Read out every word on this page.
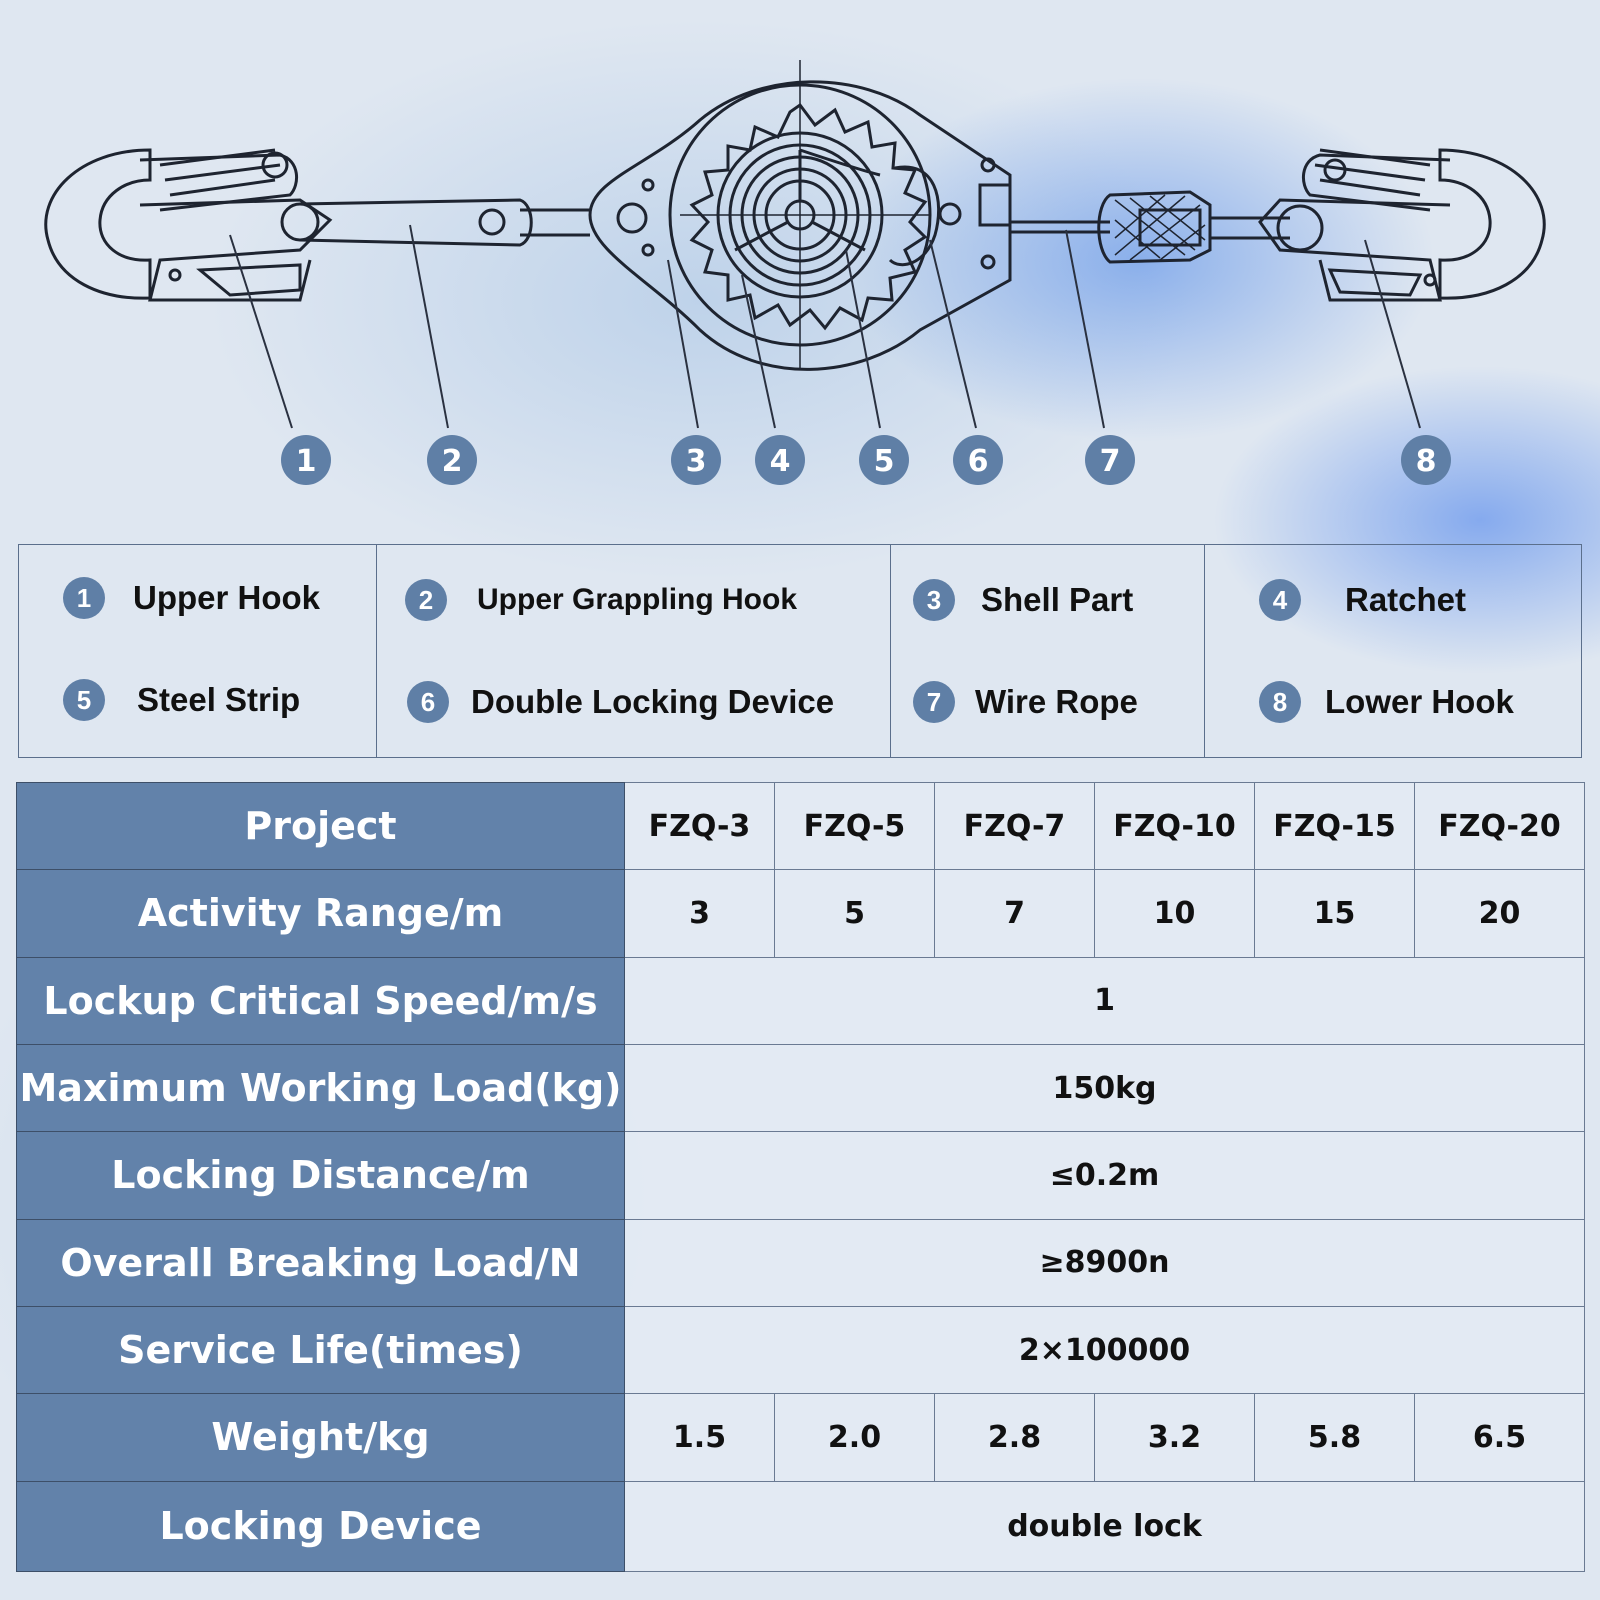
1	2	3 4	5 6	7	8
1	Upper Hook
5	Steel Strip
2	Upper Grappling Hook
6	Double Locking Device
3	Shell Part
7	Wire Rope
4	Ratchet
8	Lower Hook
Project	FZQ-3	FZQ-5	FZQ-7	FZQ-10	FZQ-15	FZQ-20
Activity Range/m	3	5	7	10	15	20
Lockup Critical Speed/m/s	1					
Maximum Working Load(kg)	150kg					
Locking Distance/m	≤0.2m					
Overall Breaking Load/N	≥8900n					
Service Life(times)	2×100000					
Weight/kg	1.5	2.0	2.8	3.2	5.8	6.5
Locking Device	double lock					
